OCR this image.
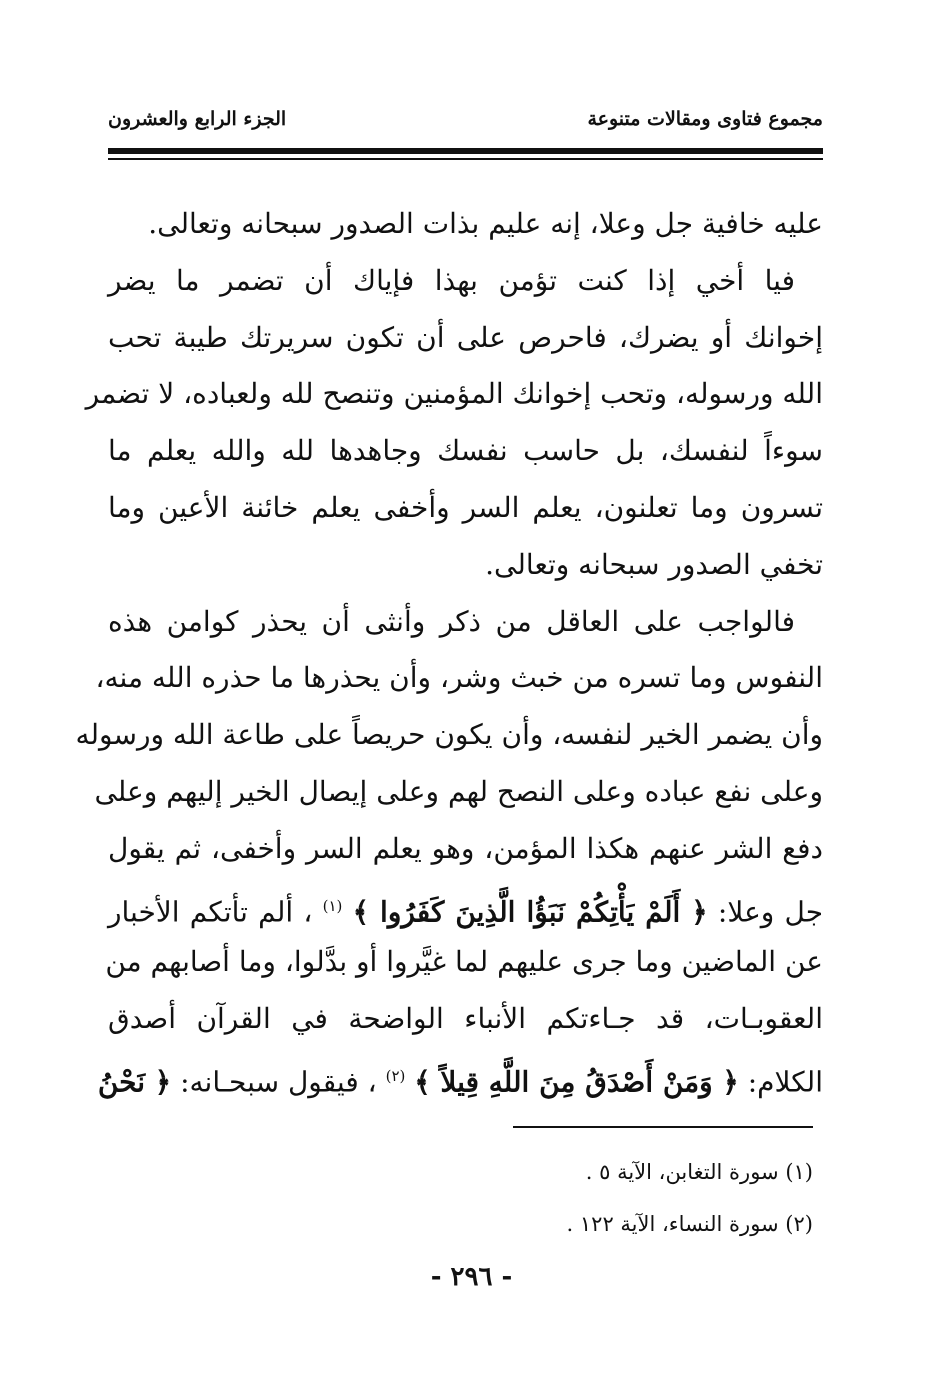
مجموع فتاوى ومقالات متنوعة
الجزء الرابع والعشرون
عليه خافية جل وعلا، إنه عليم بذات الصدور سبحانه وتعالى.
فيا أخي إذا كنت تؤمن بهذا فإياك أن تضمر ما يضر
إخوانك أو يضرك، فاحرص على أن تكون سريرتك طيبة تحب
الله ورسوله، وتحب إخوانك المؤمنين وتنصح لله ولعباده، لا تضمر
سوءاً لنفسك، بل حاسب نفسك وجاهدها لله والله يعلم ما
تسرون وما تعلنون، يعلم السر وأخفى يعلم خائنة الأعين وما
تخفي الصدور سبحانه وتعالى.
فالواجب على العاقل من ذكر وأنثى أن يحذر كوامن هذه
النفوس وما تسره من خبث وشر، وأن يحذرها ما حذره الله منه،
وأن يضمر الخير لنفسه، وأن يكون حريصاً على طاعة الله ورسوله
وعلى نفع عباده وعلى النصح لهم وعلى إيصال الخير إليهم وعلى
دفع الشر عنهم هكذا المؤمن، وهو يعلم السر وأخفى، ثم يقول
جل وعلا: ﴿ أَلَمْ يَأْتِكُمْ نَبَؤُا الَّذِينَ كَفَرُوا ﴾ $^{(١)}$ ، ألم تأتكم الأخبار
عن الماضين وما جرى عليهم لما غيَّروا أو بدَّلوا، وما أصابهم من
العقوبـات، قد جـاءتكم الأنباء الواضحة في القرآن أصدق
الكلام: ﴿ وَمَنْ أَصْدَقُ مِنَ اللَّهِ قِيلاً ﴾ $^{(٢)}$ ، فيقول سبحـانه: ﴿ نَحْنُ
(١) سورة التغابن، الآية ٥ .
(٢) سورة النساء، الآية ١٢٢ .
- ٢٩٦ -
